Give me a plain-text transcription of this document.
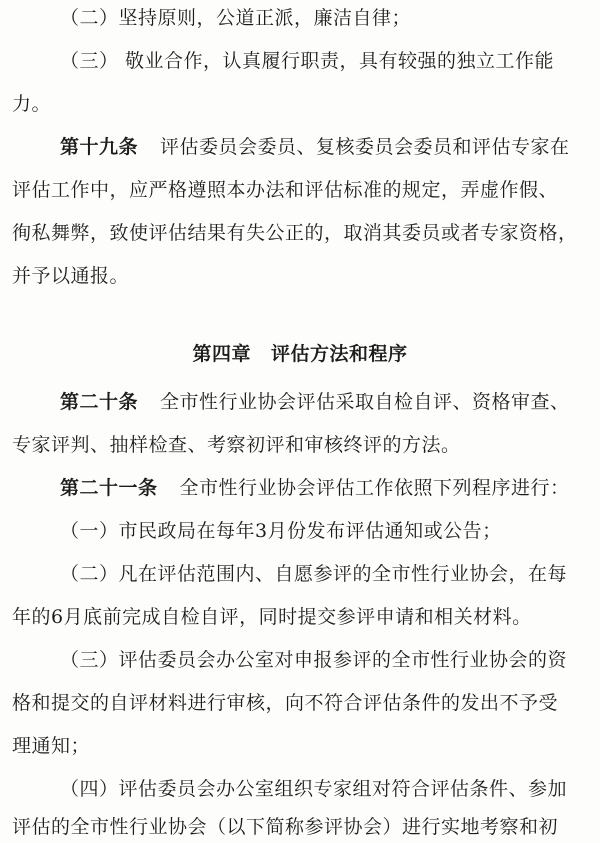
（二）坚持原则，公道正派，廉洁自律；
（三） 敬业合作，认真履行职责，具有较强的独立工作能
力。
第十九条 评估委员会委员、复核委员会委员和评估专家在
评估工作中，应严格遵照本办法和评估标准的规定，弄虚作假、
徇私舞弊，致使评估结果有失公正的，取消其委员或者专家资格，
并予以通报。
第四章 评估方法和程序
第二十条 全市性行业协会评估采取自检自评、资格审查、
专家评判、抽样检查、考察初评和审核终评的方法。
第二十一条 全市性行业协会评估工作依照下列程序进行：
（一）市民政局在每年3月份发布评估通知或公告；
（二）凡在评估范围内、自愿参评的全市性行业协会，在每
年的6月底前完成自检自评，同时提交参评申请和相关材料。
（三）评估委员会办公室对申报参评的全市性行业协会的资
格和提交的自评材料进行审核，向不符合评估条件的发出不予受
理通知；
（四）评估委员会办公室组织专家组对符合评估条件、参加
评估的全市性行业协会（以下简称参评协会）进行实地考察和初
